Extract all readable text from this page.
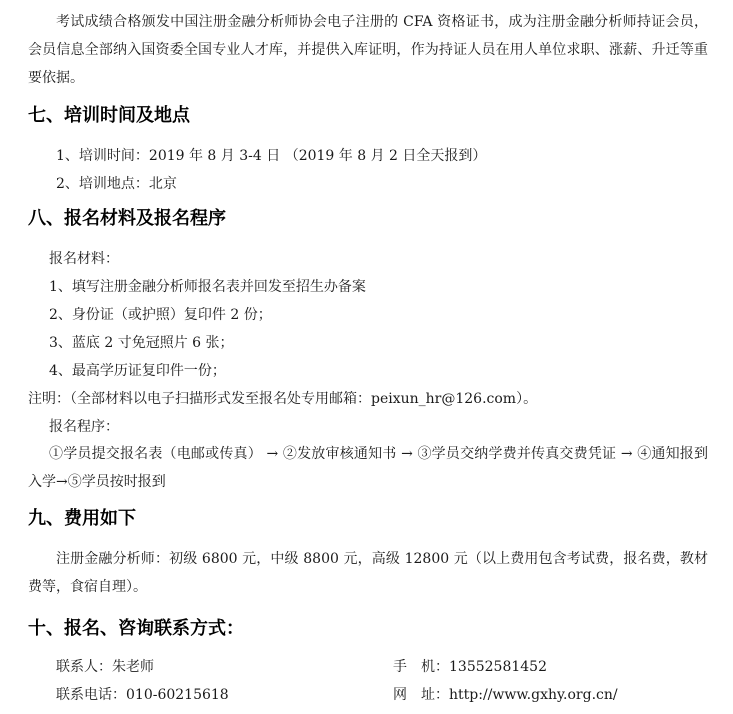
考试成绩合格颁发中国注册金融分析师协会电子注册的 CFA 资格证书，成为注册金融分析师持证会员，会员信息全部纳入国资委全国专业人才库，并提供入库证明，作为持证人员在用人单位求职、涨薪、升迁等重要依据。

七、培训时间及地点

1、培训时间：2019 年 8 月 3-4 日 （2019 年 8 月 2 日全天报到）

2、培训地点：北京

八、报名材料及报名程序

报名材料：

1、填写注册金融分析师报名表并回发至招生办备案

2、身份证（或护照）复印件 2 份；

3、蓝底 2 寸免冠照片 6 张；

4、最高学历证复印件一份；

注明：（全部材料以电子扫描形式发至报名处专用邮箱：peixun_hr@126.com）。

报名程序：

①学员提交报名表（电邮或传真） → ②发放审核通知书 → ③学员交纳学费并传真交费凭证 → ④通知报到入学→⑤学员按时报到

九、费用如下

注册金融分析师：初级 6800 元，中级 8800 元，高级 12800 元（以上费用包含考试费，报名费，教材费等，食宿自理）。

十、报名、咨询联系方式：

联系人：朱老师	手　机：13552581452

联系电话：010-60215618	网　址：http://www.gxhy.org.cn/
